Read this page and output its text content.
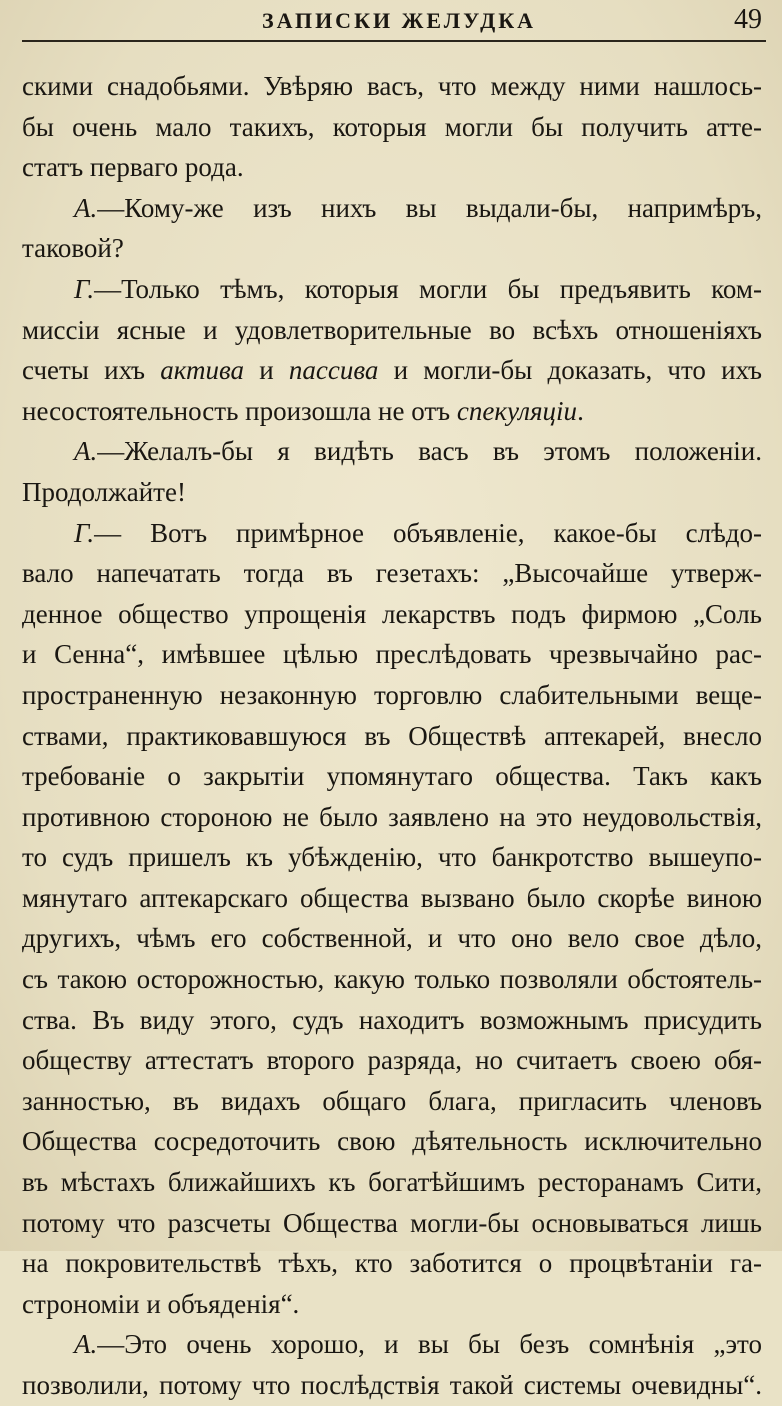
ЗАПИСКИ ЖЕЛУДКА	49
скими снадобьями. Увѣряю васъ, что между ними нашлось-
бы очень мало такихъ, которыя могли бы получить атте-
статъ перваго рода.
А.—Кому-же изъ нихъ вы выдали-бы, напримѣръ,
таковой?
Г.—Только тѣмъ, которыя могли бы предъявить ком-
миссіи ясные и удовлетворительные во всѣхъ отношеніяхъ
счеты ихъ актива и пассива и могли-бы доказать, что ихъ
несостоятельность произошла не отъ спекуляціи.
А.—Желалъ-бы я видѣть васъ въ этомъ положеніи.
Продолжайте!
Г.— Вотъ примѣрное объявленіе, какое-бы слѣдо-
вало напечатать тогда въ гезетахъ: „Высочайше утверж-
денное общество упрощенія лекарствъ подъ фирмою „Соль
и Сенна“, имѣвшее цѣлью преслѣдовать чрезвычайно рас-
пространенную незаконную торговлю слабительными веще-
ствами, практиковавшуюся въ Обществѣ аптекарей, внесло
требованіе о закрытіи упомянутаго общества. Такъ какъ
противною стороною не было заявлено на это неудовольствія,
то судъ пришелъ къ убѣжденію, что банкротство вышеупо-
мянутаго аптекарскаго общества вызвано было скорѣе виною
другихъ, чѣмъ его собственной, и что оно вело свое дѣло,
съ такою осторожностью, какую только позволяли обстоятель-
ства. Въ виду этого, судъ находитъ возможнымъ присудить
обществу аттестатъ второго разряда, но считаетъ своею обя-
занностью, въ видахъ общаго блага, пригласить членовъ
Общества сосредоточить свою дѣятельность исключительно
въ мѣстахъ ближайшихъ къ богатѣйшимъ ресторанамъ Сити,
потому что разсчеты Общества могли-бы основываться лишь
на покровительствѣ тѣхъ, кто заботится о процвѣтаніи га-
строноміи и объяденія“.
А.—Это очень хорошо, и вы бы безъ сомнѣнія „это
позволили, потому что послѣдствія такой системы очевидны“.
